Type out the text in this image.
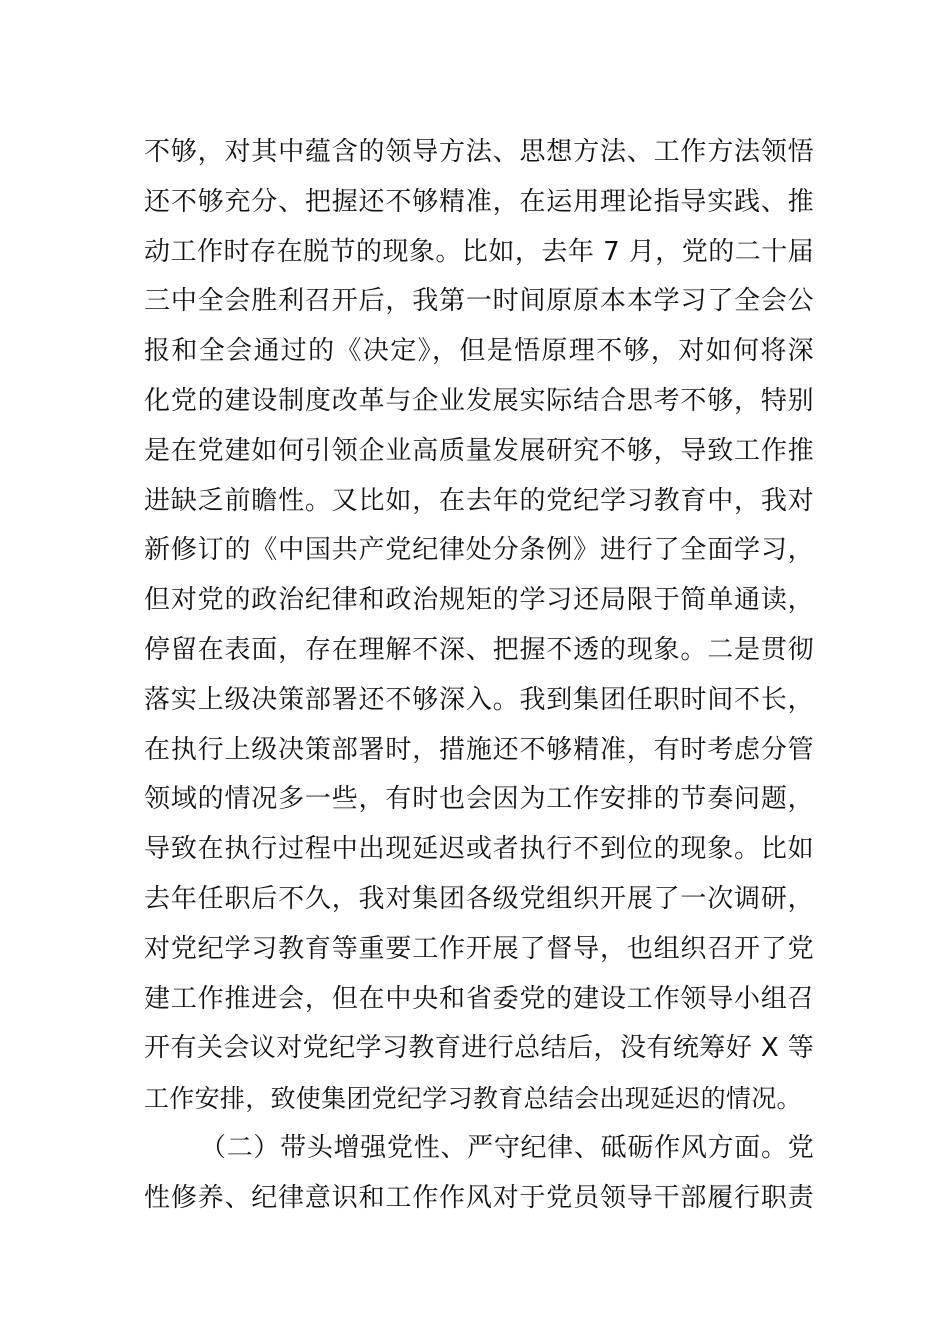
不够，对其中蕴含的领导方法、思想方法、工作方法领悟
还不够充分、把握还不够精准，在运用理论指导实践、推
动工作时存在脱节的现象。比如，去年 7 月，党的二十届
三中全会胜利召开后，我第一时间原原本本学习了全会公
报和全会通过的《决定》，但是悟原理不够，对如何将深
化党的建设制度改革与企业发展实际结合思考不够，特别
是在党建如何引领企业高质量发展研究不够，导致工作推
进缺乏前瞻性。又比如，在去年的党纪学习教育中，我对
新修订的《中国共产党纪律处分条例》进行了全面学习，
但对党的政治纪律和政治规矩的学习还局限于简单通读，
停留在表面，存在理解不深、把握不透的现象。二是贯彻
落实上级决策部署还不够深入。我到集团任职时间不长，
在执行上级决策部署时，措施还不够精准，有时考虑分管
领域的情况多一些，有时也会因为工作安排的节奏问题，
导致在执行过程中出现延迟或者执行不到位的现象。比如
去年任职后不久，我对集团各级党组织开展了一次调研，
对党纪学习教育等重要工作开展了督导，也组织召开了党
建工作推进会，但在中央和省委党的建设工作领导小组召
开有关会议对党纪学习教育进行总结后，没有统筹好 X 等
工作安排，致使集团党纪学习教育总结会出现延迟的情况。
（二）带头增强党性、严守纪律、砥砺作风方面。党
性修养、纪律意识和工作作风对于党员领导干部履行职责
